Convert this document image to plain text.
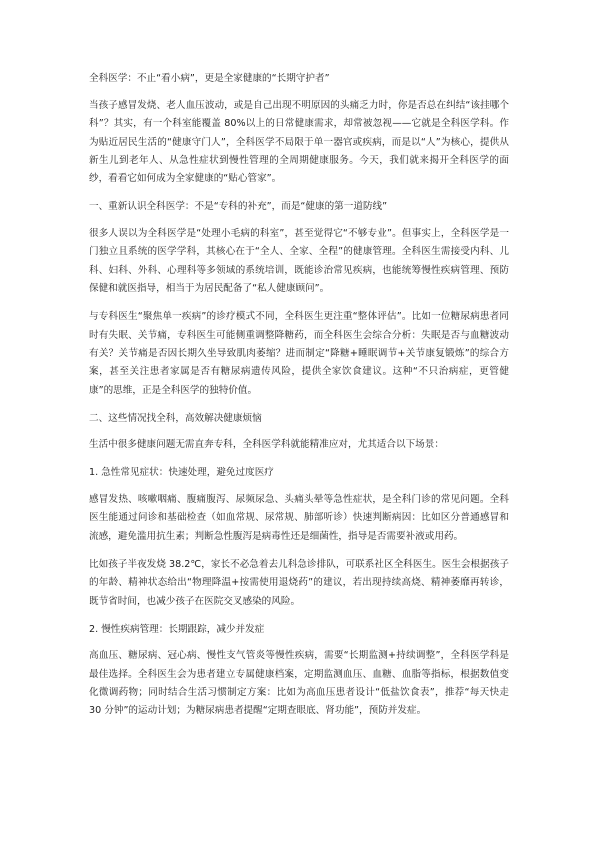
全科医学：不止“看小病”，更是全家健康的“长期守护者”

当孩子感冒发烧、老人血压波动，或是自己出现不明原因的头痛乏力时，你是否总在纠结“该挂哪个科”？其实，有一个科室能覆盖 80%以上的日常健康需求，却常被忽视——它就是全科医学科。作为贴近居民生活的“健康守门人”，全科医学不局限于单一器官或疾病，而是以“人”为核心，提供从新生儿到老年人、从急性症状到慢性管理的全周期健康服务。今天，我们就来揭开全科医学的面纱，看看它如何成为全家健康的“贴心管家”。

一、重新认识全科医学：不是“专科的补充”，而是“健康的第一道防线”

很多人误以为全科医学是“处理小毛病的科室”，甚至觉得它“不够专业”。但事实上，全科医学是一门独立且系统的医学学科，其核心在于“全人、全家、全程”的健康管理。全科医生需接受内科、儿科、妇科、外科、心理科等多领域的系统培训，既能诊治常见疾病，也能统筹慢性疾病管理、预防保健和就医指导，相当于为居民配备了“私人健康顾问”。

与专科医生“聚焦单一疾病”的诊疗模式不同，全科医生更注重“整体评估”。比如一位糖尿病患者同时有失眠、关节痛，专科医生可能侧重调整降糖药，而全科医生会综合分析：失眠是否与血糖波动有关？关节痛是否因长期久坐导致肌肉萎缩？进而制定“降糖+睡眠调节+关节康复锻炼”的综合方案，甚至关注患者家属是否有糖尿病遗传风险，提供全家饮食建议。这种“不只治病症，更管健康”的思维，正是全科医学的独特价值。

二、这些情况找全科，高效解决健康烦恼

生活中很多健康问题无需直奔专科，全科医学科就能精准应对，尤其适合以下场景：

1. 急性常见症状：快速处理，避免过度医疗

感冒发热、咳嗽咽痛、腹痛腹泻、尿频尿急、头痛头晕等急性症状，是全科门诊的常见问题。全科医生能通过问诊和基础检查（如血常规、尿常规、肺部听诊）快速判断病因：比如区分普通感冒和流感，避免滥用抗生素；判断急性腹泻是病毒性还是细菌性，指导是否需要补液或用药。

比如孩子半夜发烧 38.2℃，家长不必急着去儿科急诊排队，可联系社区全科医生。医生会根据孩子的年龄、精神状态给出“物理降温+按需使用退烧药”的建议，若出现持续高烧、精神萎靡再转诊，既节省时间，也减少孩子在医院交叉感染的风险。

2. 慢性疾病管理：长期跟踪，减少并发症

高血压、糖尿病、冠心病、慢性支气管炎等慢性疾病，需要“长期监测+持续调整”，全科医学科是最佳选择。全科医生会为患者建立专属健康档案，定期监测血压、血糖、血脂等指标，根据数值变化微调药物；同时结合生活习惯制定方案：比如为高血压患者设计“低盐饮食表”，推荐“每天快走 30 分钟”的运动计划；为糖尿病患者提醒“定期查眼底、肾功能”，预防并发症。
